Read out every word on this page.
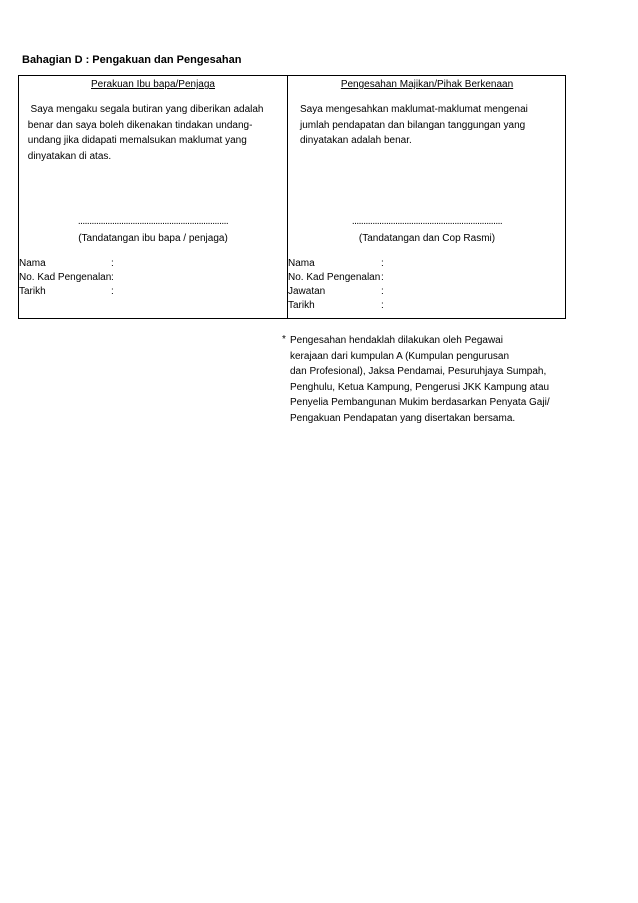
Bahagian D : Pengakuan dan Pengesahan
Perakuan Ibu bapa/Penjaga
Saya mengaku segala butiran yang diberikan adalah
benar dan saya boleh dikenakan tindakan undang-
undang jika didapati memalsukan maklumat yang
dinyatakan di atas.
..................................................................
(Tandatangan ibu bapa / penjaga)
Nama	:
No. Kad Pengenalan :
Tarikh	:
Pengesahan Majikan/Pihak Berkenaan
Saya mengesahkan maklumat-maklumat mengenai
jumlah pendapatan dan bilangan tanggungan yang
dinyatakan adalah benar.
..................................................................
(Tandatangan dan Cop Rasmi)
Nama	:
No. Kad Pengenalan :
Jawatan	:
Tarikh	:
* Pengesahan hendaklah dilakukan oleh Pegawai
kerajaan dari kumpulan A (Kumpulan pengurusan
dan Profesional), Jaksa Pendamai, Pesuruhjaya Sumpah,
Penghulu, Ketua Kampung, Pengerusi JKK Kampung atau
Penyelia Pembangunan Mukim berdasarkan Penyata Gaji/
Pengakuan Pendapatan yang disertakan bersama.
